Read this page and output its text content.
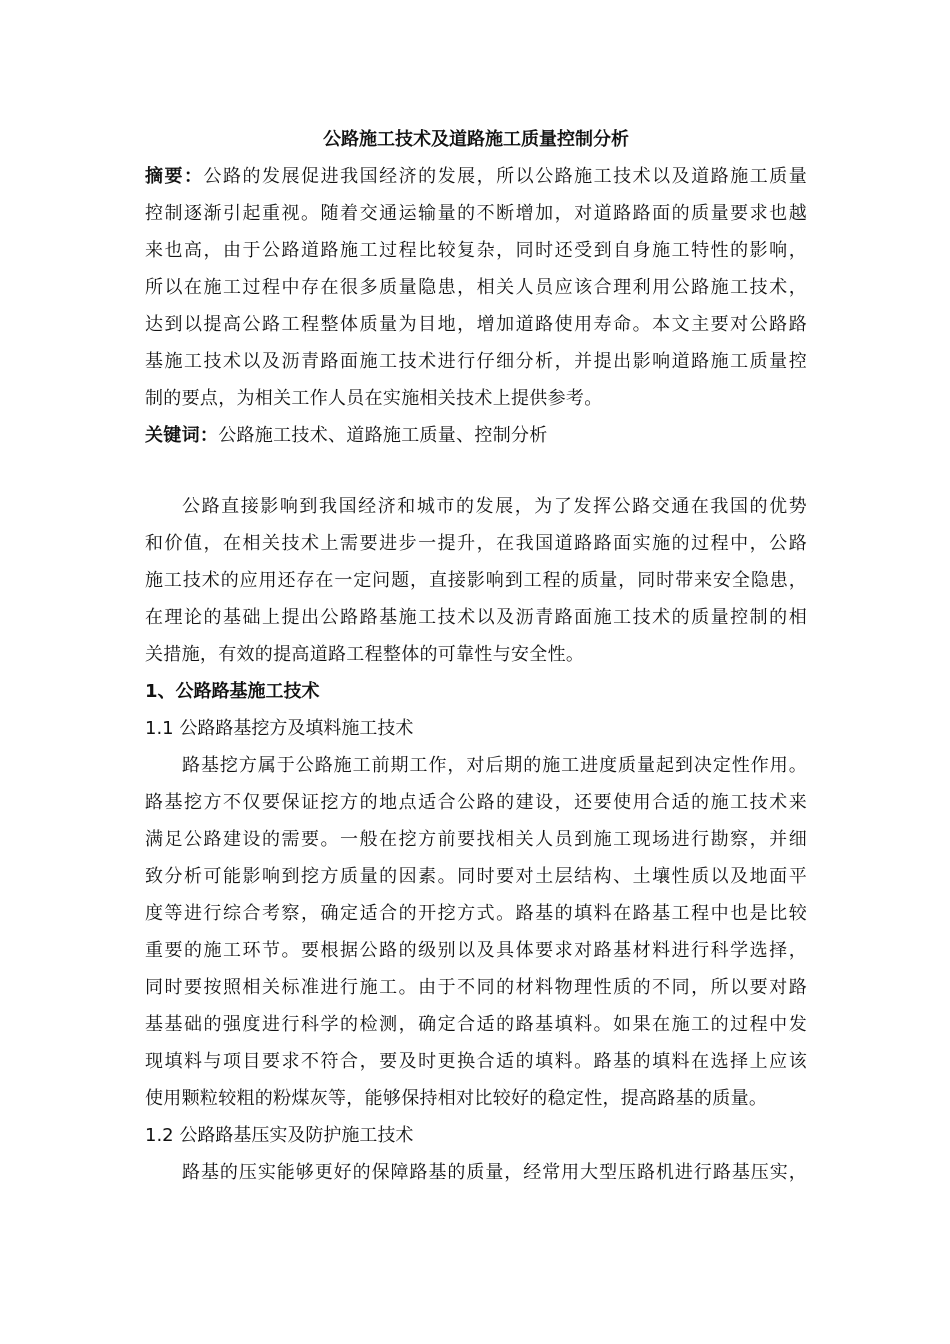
公路施工技术及道路施工质量控制分析
摘要：公路的发展促进我国经济的发展，所以公路施工技术以及道路施工质量
控制逐渐引起重视。随着交通运输量的不断增加，对道路路面的质量要求也越
来也高，由于公路道路施工过程比较复杂，同时还受到自身施工特性的影响，
所以在施工过程中存在很多质量隐患，相关人员应该合理利用公路施工技术，
达到以提高公路工程整体质量为目地，增加道路使用寿命。本文主要对公路路
基施工技术以及沥青路面施工技术进行仔细分析，并提出影响道路施工质量控
制的要点，为相关工作人员在实施相关技术上提供参考。
关键词：公路施工技术、道路施工质量、控制分析
公路直接影响到我国经济和城市的发展，为了发挥公路交通在我国的优势
和价值，在相关技术上需要进步一提升，在我国道路路面实施的过程中，公路
施工技术的应用还存在一定问题，直接影响到工程的质量，同时带来安全隐患，
在理论的基础上提出公路路基施工技术以及沥青路面施工技术的质量控制的相
关措施，有效的提高道路工程整体的可靠性与安全性。
1、公路路基施工技术
1.1 公路路基挖方及填料施工技术
路基挖方属于公路施工前期工作，对后期的施工进度质量起到决定性作用。
路基挖方不仅要保证挖方的地点适合公路的建设，还要使用合适的施工技术来
满足公路建设的需要。一般在挖方前要找相关人员到施工现场进行勘察，并细
致分析可能影响到挖方质量的因素。同时要对土层结构、土壤性质以及地面平
度等进行综合考察，确定适合的开挖方式。路基的填料在路基工程中也是比较
重要的施工环节。要根据公路的级别以及具体要求对路基材料进行科学选择，
同时要按照相关标准进行施工。由于不同的材料物理性质的不同，所以要对路
基基础的强度进行科学的检测，确定合适的路基填料。如果在施工的过程中发
现填料与项目要求不符合，要及时更换合适的填料。路基的填料在选择上应该
使用颗粒较粗的粉煤灰等，能够保持相对比较好的稳定性，提高路基的质量。
1.2 公路路基压实及防护施工技术
路基的压实能够更好的保障路基的质量，经常用大型压路机进行路基压实，
